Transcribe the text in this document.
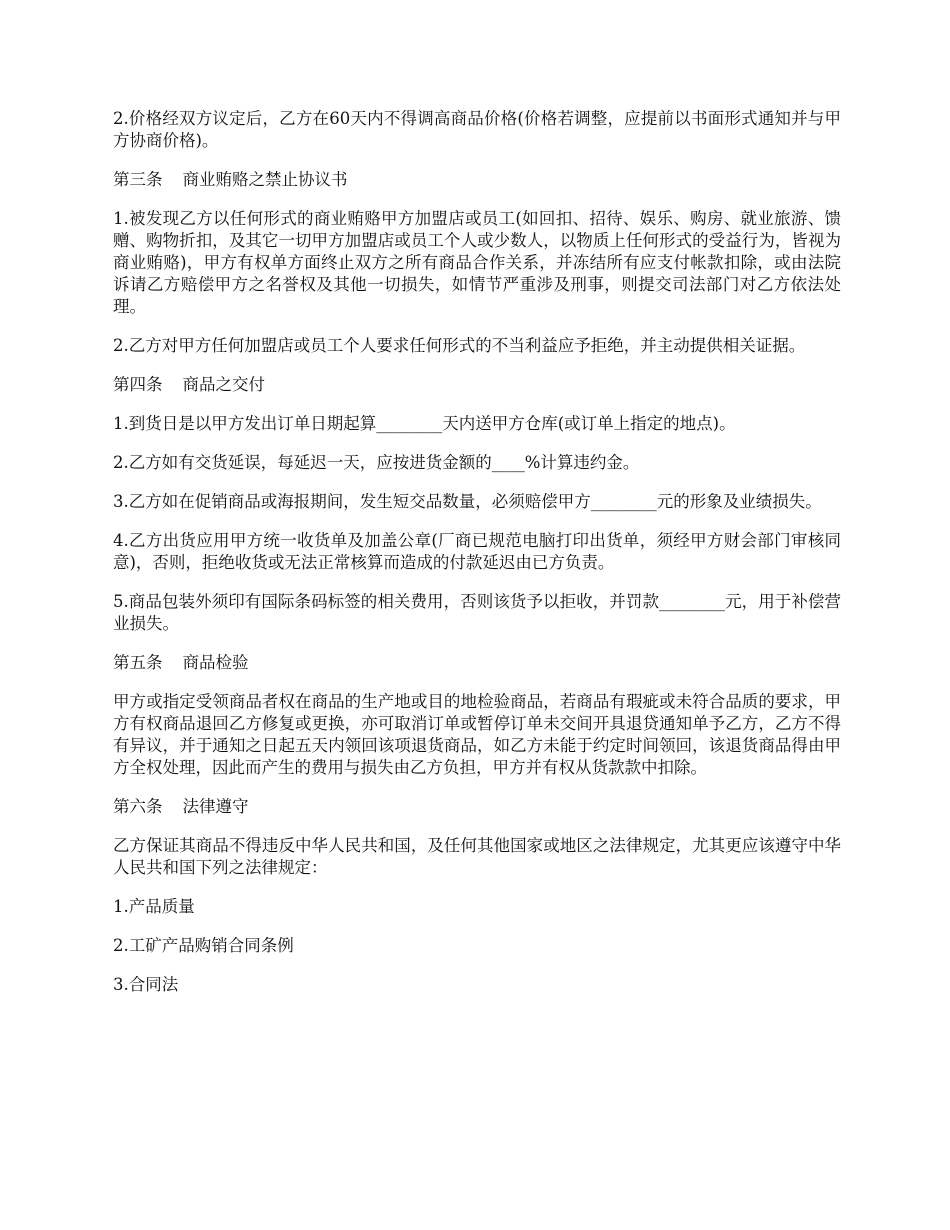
2.价格经双方议定后，乙方在60天内不得调高商品价格(价格若调整，应提前以书面形式通知并与甲方协商价格)。

第三条 商业贿赂之禁止协议书

1.被发现乙方以任何形式的商业贿赂甲方加盟店或员工(如回扣、招待、娱乐、购房、就业旅游、馈赠、购物折扣，及其它一切甲方加盟店或员工个人或少数人，以物质上任何形式的受益行为，皆视为商业贿赂)，甲方有权单方面终止双方之所有商品合作关系，并冻结所有应支付帐款扣除，或由法院诉请乙方赔偿甲方之名誉权及其他一切损失，如情节严重涉及刑事，则提交司法部门对乙方依法处理。

2.乙方对甲方任何加盟店或员工个人要求任何形式的不当利益应予拒绝，并主动提供相关证据。

第四条 商品之交付

1.到货日是以甲方发出订单日期起算________天内送甲方仓库(或订单上指定的地点)。

2.乙方如有交货延误，每延迟一天，应按进货金额的____%计算违约金。

3.乙方如在促销商品或海报期间，发生短交品数量，必须赔偿甲方________元的形象及业绩损失。

4.乙方出货应用甲方统一收货单及加盖公章(厂商已规范电脑打印出货单，须经甲方财会部门审核同意)，否则，拒绝收货或无法正常核算而造成的付款延迟由已方负责。

5.商品包装外须印有国际条码标签的相关费用，否则该货予以拒收，并罚款________元，用于补偿营业损失。

第五条 商品检验

甲方或指定受领商品者权在商品的生产地或目的地检验商品，若商品有瑕疵或未符合品质的要求，甲方有权商品退回乙方修复或更换，亦可取消订单或暂停订单未交间开具退贷通知单予乙方，乙方不得有异议，并于通知之日起五天内领回该项退货商品，如乙方未能于约定时间领回，该退货商品得由甲方全权处理，因此而产生的费用与损失由乙方负担，甲方并有权从货款款中扣除。

第六条 法律遵守

乙方保证其商品不得违反中华人民共和国，及任何其他国家或地区之法律规定，尤其更应该遵守中华人民共和国下列之法律规定：

1.产品质量

2.工矿产品购销合同条例

3.合同法
